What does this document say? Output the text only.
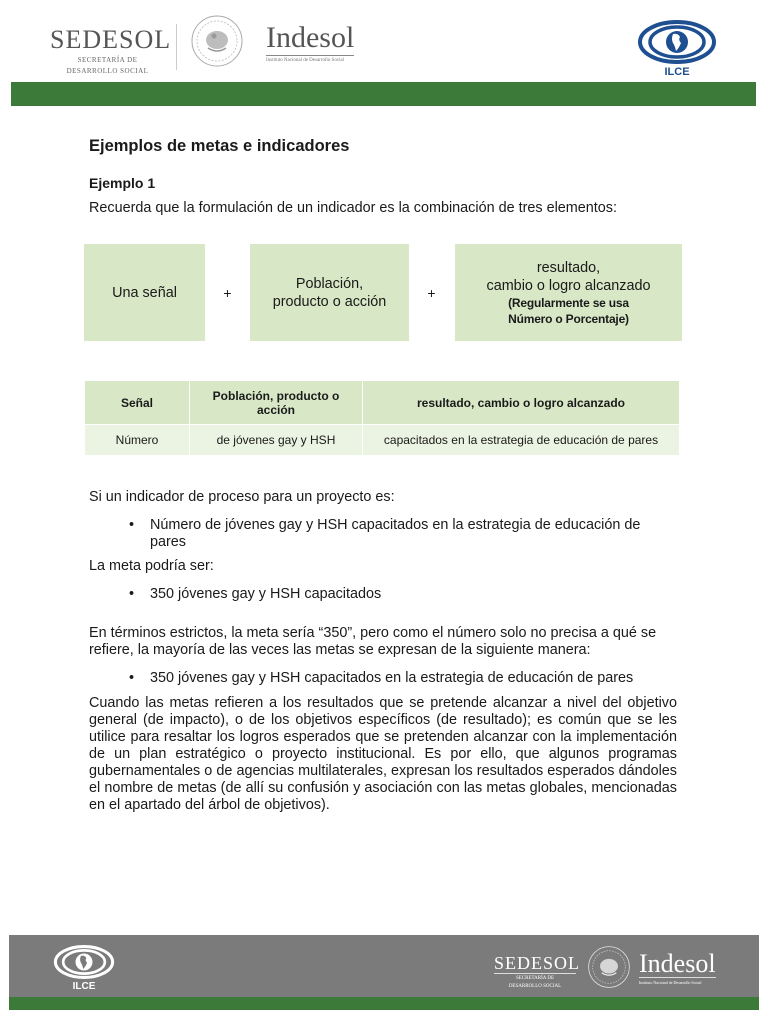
SEDESOL
SECRETARÍA DE
DESARROLLO SOCIAL
Indesol
Instituto Nacional de Desarrollo Social
ILCE
Ejemplos de metas e indicadores
Ejemplo 1

Recuerda que la formulación de un indicador es la combinación de tres elementos:

Una señal	+
Población,
producto o acción
+
resultado,
cambio o logro alcanzado
(Regularmente se usa
Número o Porcentaje)
Señal	Población, producto o acción	resultado, cambio o logro alcanzado
Número	de jóvenes gay y HSH	capacitados en la estrategia de educación de pares

Si un indicador de proceso para un proyecto es:

• Número de jóvenes gay y HSH capacitados en la estrategia de educación de pares

La meta podría ser:

• 350 jóvenes gay y HSH capacitados

En términos estrictos, la meta sería “350”, pero como el número solo no precisa a qué se refiere, la mayoría de las veces las metas se expresan de la siguiente manera:

• 350 jóvenes gay y HSH capacitados en la estrategia de educación de pares

Cuando las metas refieren a los resultados que se pretende alcanzar a nivel del objetivo general (de impacto), o de los objetivos específicos (de resultado); es común que se les utilice para resaltar los logros esperados que se pretenden alcanzar con la implementación de un plan estratégico o proyecto institucional. Es por ello, que algunos programas gubernamentales o de agencias multilaterales, expresan los resultados esperados dándoles el nombre de metas (de allí su confusión y asociación con las metas globales, mencionadas en el apartado del árbol de objetivos).

ILCE
SEDESOL
SECRETARÍA DE
DESARROLLO SOCIAL
Indesol
Instituto Nacional de Desarrollo Social
